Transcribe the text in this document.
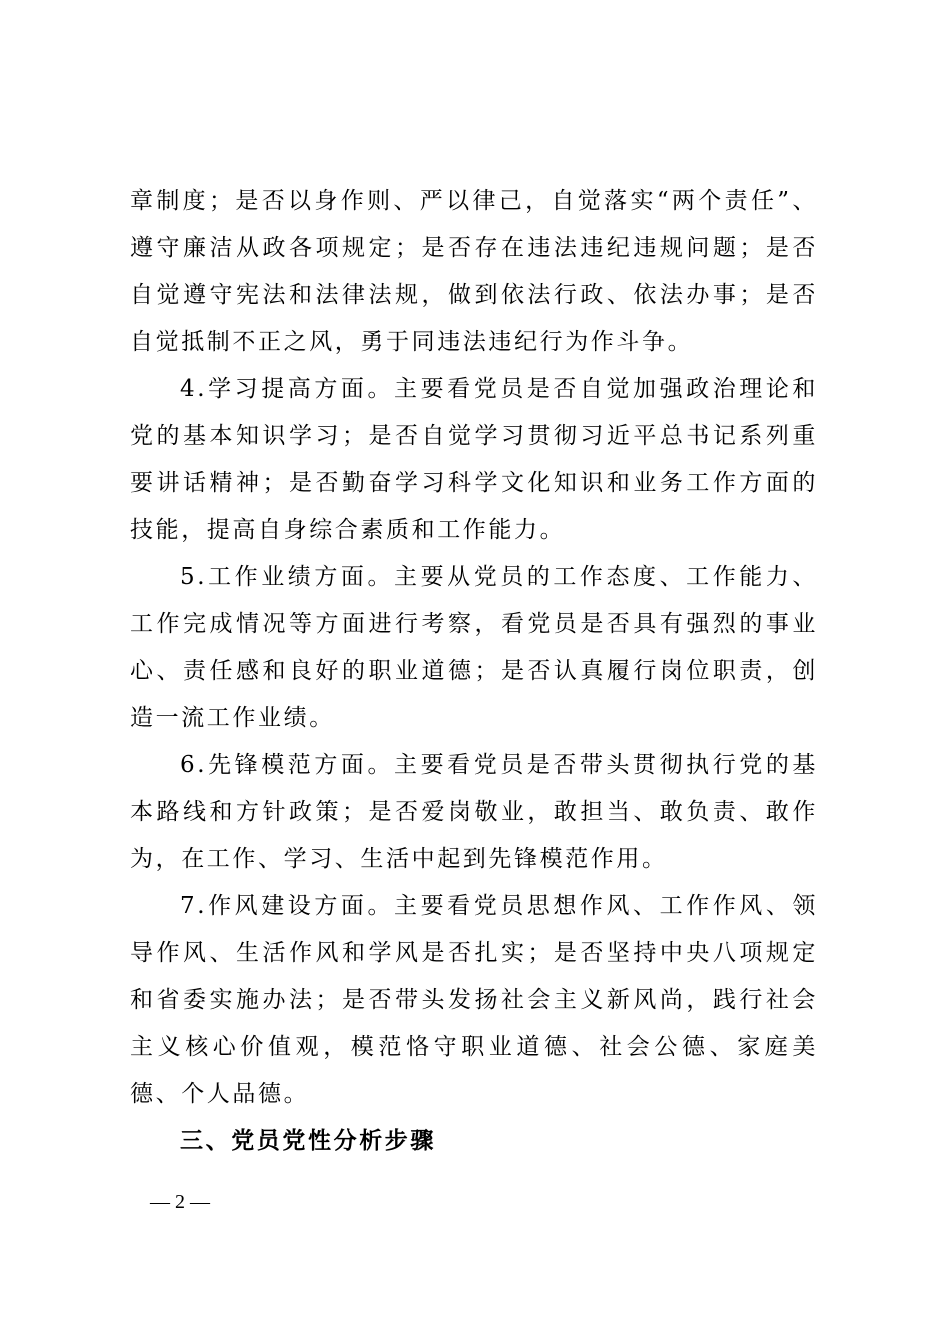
章制度；是否以身作则、严以律己，自觉落实“两个责任”、遵守廉洁从政各项规定；是否存在违法违纪违规问题；是否自觉遵守宪法和法律法规，做到依法行政、依法办事；是否自觉抵制不正之风，勇于同违法违纪行为作斗争。

4.学习提高方面。主要看党员是否自觉加强政治理论和党的基本知识学习；是否自觉学习贯彻习近平总书记系列重要讲话精神；是否勤奋学习科学文化知识和业务工作方面的技能，提高自身综合素质和工作能力。

5.工作业绩方面。主要从党员的工作态度、工作能力、工作完成情况等方面进行考察，看党员是否具有强烈的事业心、责任感和良好的职业道德；是否认真履行岗位职责，创造一流工作业绩。

6.先锋模范方面。主要看党员是否带头贯彻执行党的基本路线和方针政策；是否爱岗敬业，敢担当、敢负责、敢作为，在工作、学习、生活中起到先锋模范作用。

7.作风建设方面。主要看党员思想作风、工作作风、领导作风、生活作风和学风是否扎实；是否坚持中央八项规定和省委实施办法；是否带头发扬社会主义新风尚，践行社会主义核心价值观，模范恪守职业道德、社会公德、家庭美德、个人品德。

三、党员党性分析步骤

— 2 —
